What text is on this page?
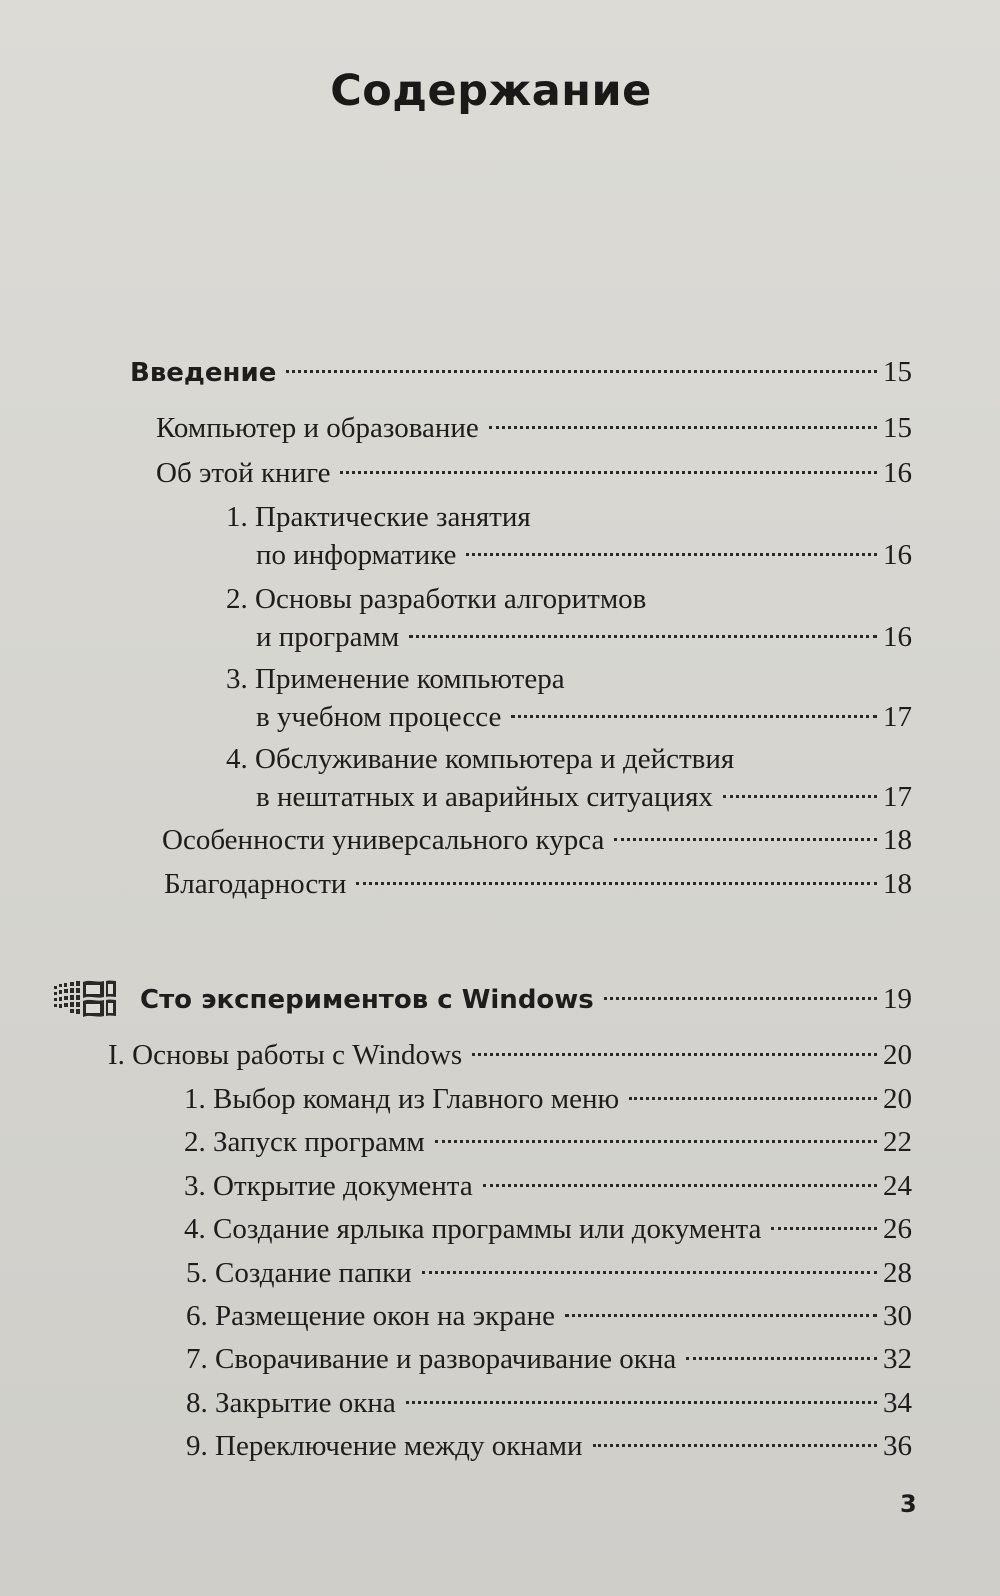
Содержание
Введение	15
Компьютер и образование	15
Об этой книге	16
1. Практические занятия
по информатике	16
2. Основы разработки алгоритмов
и программ	16
3. Применение компьютера
в учебном процессе	17
4. Обслуживание компьютера и действия
в нештатных и аварийных ситуациях	17
Особенности универсального курса	18
Благодарности	18
Сто экспериментов с Windows	19
I. Основы работы с Windows	20
1. Выбор команд из Главного меню	20
2. Запуск программ	22
3. Открытие документа	24
4. Создание ярлыка программы или документа	26
5. Создание папки	28
6. Размещение окон на экране	30
7. Сворачивание и разворачивание окна	32
8. Закрытие окна	34
9. Переключение между окнами	36
3
